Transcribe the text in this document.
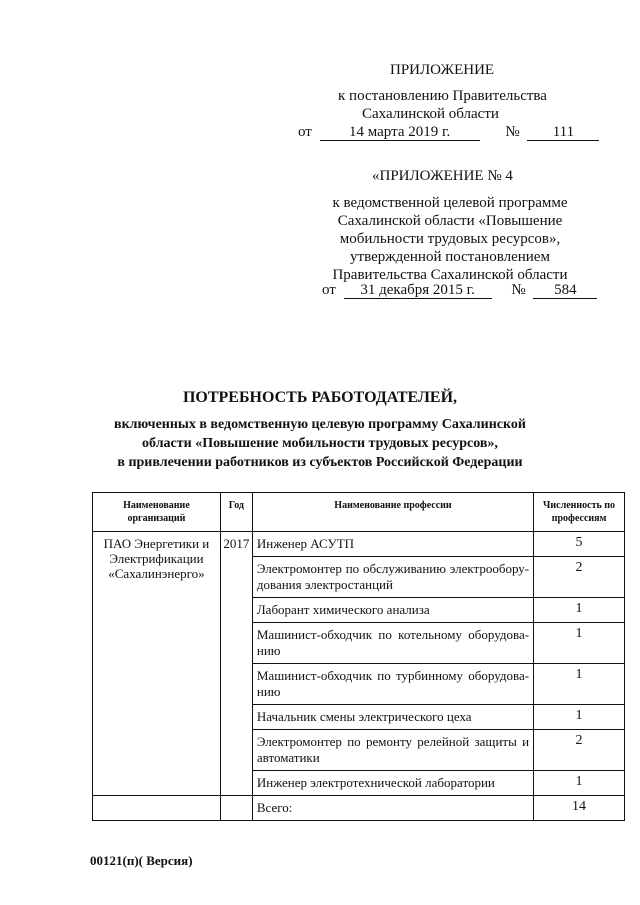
ПРИЛОЖЕНИЕ
к постановлению Правительства
Сахалинской области
от 14 марта 2019 г.	№ 111
«ПРИЛОЖЕНИЕ № 4
к ведомственной целевой программе
Сахалинской области «Повышение
мобильности трудовых ресурсов»,
утвержденной постановлением
Правительства Сахалинской области
от 31 декабря 2015 г. № 584
ПОТРЕБНОСТЬ РАБОТОДАТЕЛЕЙ,
включенных в ведомственную целевую программу Сахалинской
области «Повышение мобильности трудовых ресурсов»,
в привлечении работников из субъектов Российской Федерации
Наименование организаций	Год	Наименование профессии	Численность по профессиям
ПАО Энергетики и Электрификации «Сахалинэнерго»	2017	Инженер АСУТП	5
		Электромонтер по обслуживанию электрообору-дования электростанций	2
		Лаборант химического анализа	1
		Машинист-обходчик по котельному оборудова-нию	1
		Машинист-обходчик по турбинному оборудова-нию	1
		Начальник смены электрического цеха	1
		Электромонтер по ремонту релейной защиты и автоматики	2
		Инженер электротехнической лаборатории	1
		Всего:	14
00121(п)( Версия)
